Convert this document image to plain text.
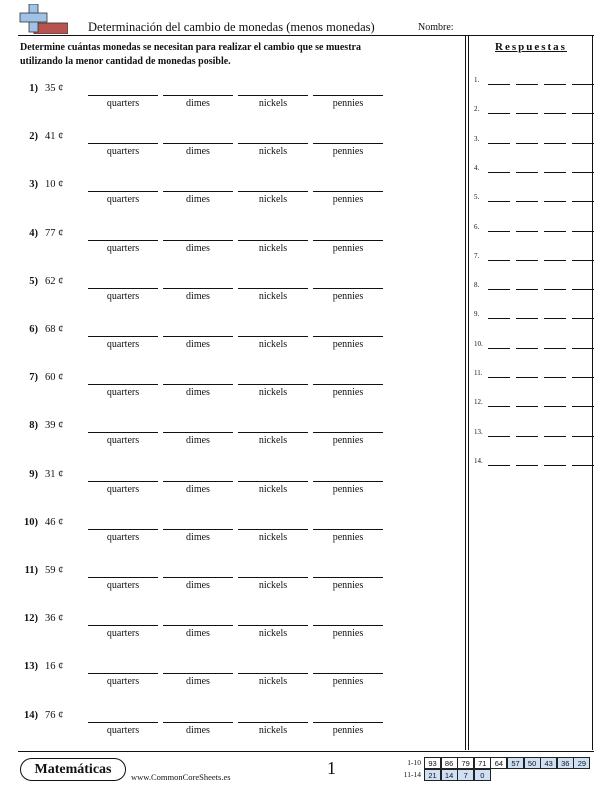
Determinación del cambio de monedas (menos monedas)	Nombre:
Determine cuántas monedas se necesitan para realizar el cambio que se muestra
utilizando la menor cantidad de monedas posible.
1) 35 ¢
quarters	dimes	nickels	pennies
2) 41 ¢
quarters	dimes	nickels	pennies
3) 10 ¢
quarters	dimes	nickels	pennies
4) 77 ¢
quarters	dimes	nickels	pennies
5) 62 ¢
quarters	dimes	nickels	pennies
6) 68 ¢
quarters	dimes	nickels	pennies
7) 60 ¢
quarters	dimes	nickels	pennies
8) 39 ¢
quarters	dimes	nickels	pennies
9) 31 ¢
quarters	dimes	nickels	pennies
10) 46 ¢
quarters	dimes	nickels	pennies
11) 59 ¢
quarters	dimes	nickels	pennies
12) 36 ¢
quarters	dimes	nickels	pennies
13) 16 ¢
quarters	dimes	nickels	pennies
14) 76 ¢
quarters	dimes	nickels	pennies
Respuestas
1.
2.
3.
4.
5.
6.
7.
8.
9.
10.
11.
12.
13.
14.
Matemáticas
www.CommonCoreSheets.es	1	1-10 93	86	79	71	64	57	50	43	36	29
11-14 21	14	7	0
